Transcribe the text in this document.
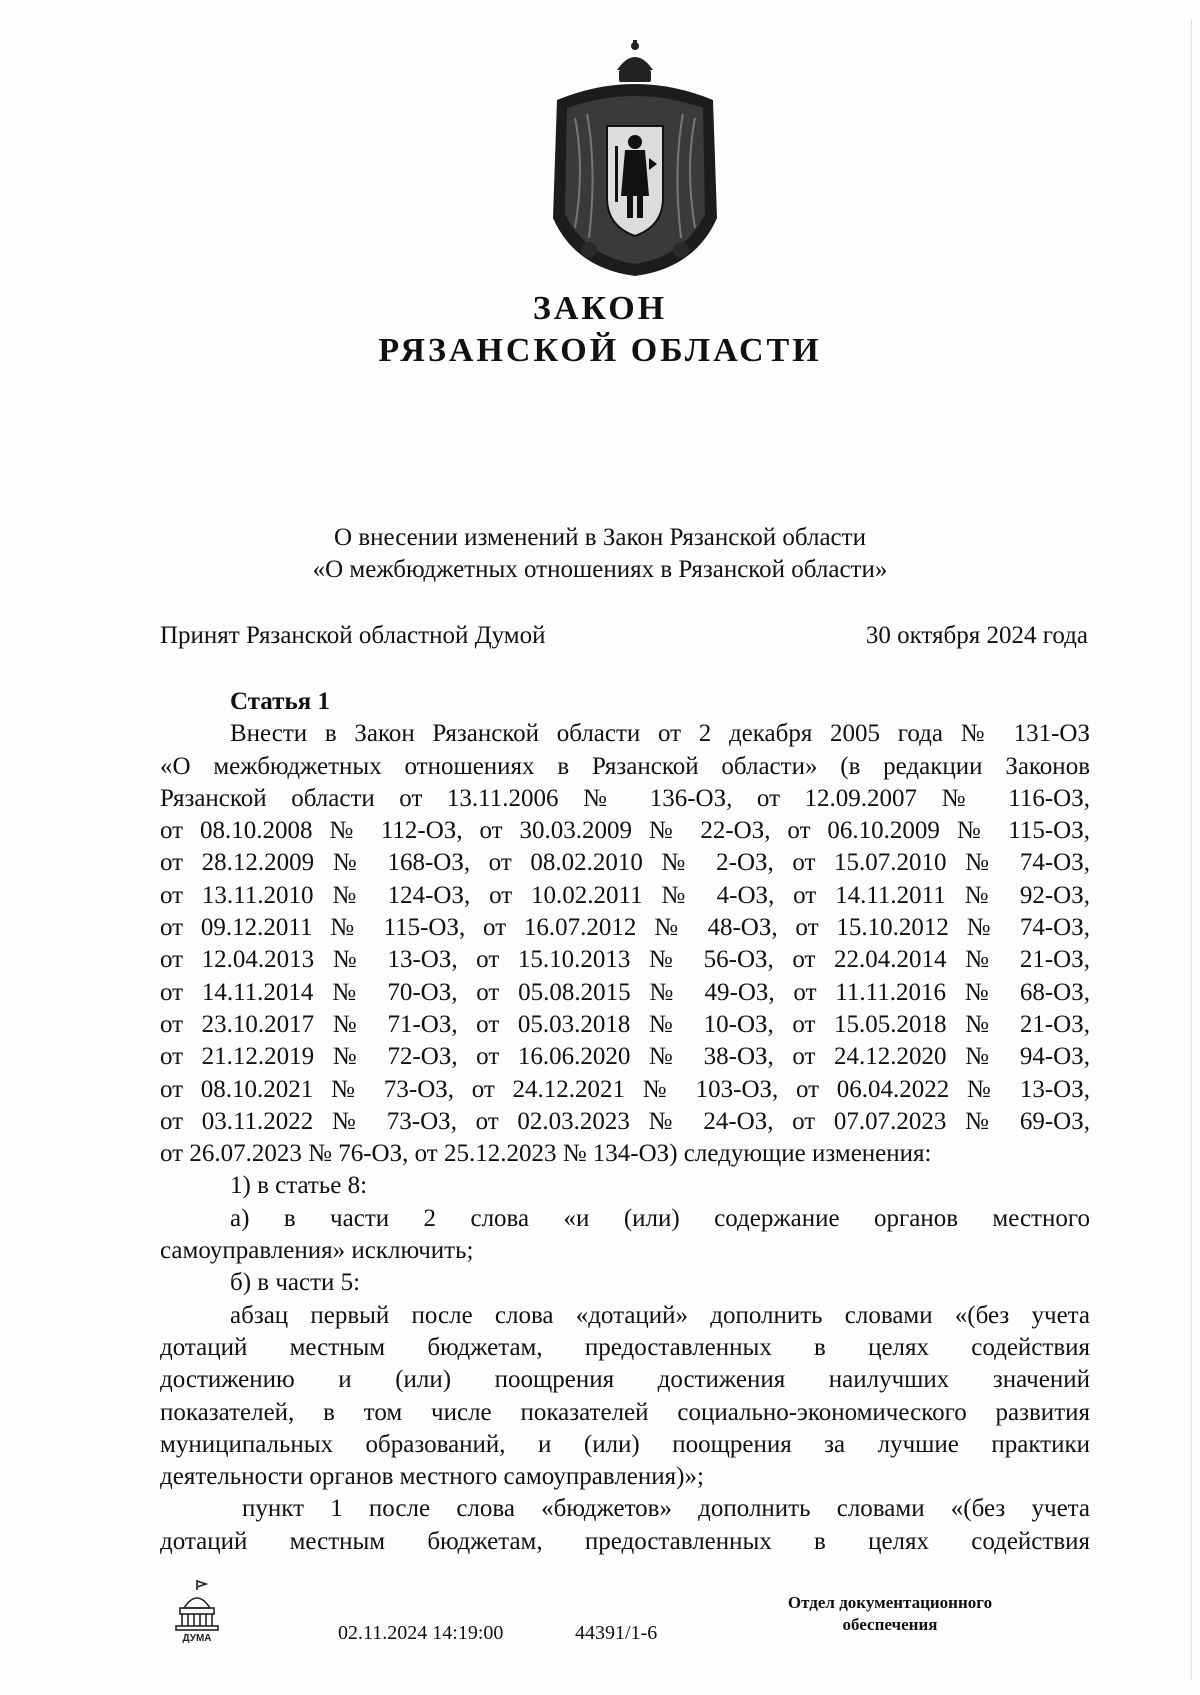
ЗАКОН
РЯЗАНСКОЙ ОБЛАСТИ
О внесении изменений в Закон Рязанской области
«О межбюджетных отношениях в Рязанской области»
Принят Рязанской областной Думой	30 октября 2024 года

Статья 1

Внести в Закон Рязанской области от 2 декабря 2005 года № 131-ОЗ

«О межбюджетных отношениях в Рязанской области» (в редакции Законов

Рязанской области от 13.11.2006 № 136-ОЗ, от 12.09.2007 № 116-ОЗ,

от 08.10.2008 № 112-ОЗ, от 30.03.2009 № 22-ОЗ, от 06.10.2009 № 115-ОЗ,

от 28.12.2009 № 168-ОЗ, от 08.02.2010 № 2-ОЗ, от 15.07.2010 № 74-ОЗ,

от 13.11.2010 № 124-ОЗ, от 10.02.2011 № 4-ОЗ, от 14.11.2011 № 92-ОЗ,

от 09.12.2011 № 115-ОЗ, от 16.07.2012 № 48-ОЗ, от 15.10.2012 № 74-ОЗ,

от 12.04.2013 № 13-ОЗ, от 15.10.2013 № 56-ОЗ, от 22.04.2014 № 21-ОЗ,

от 14.11.2014 № 70-ОЗ, от 05.08.2015 № 49-ОЗ, от 11.11.2016 № 68-ОЗ,

от 23.10.2017 № 71-ОЗ, от 05.03.2018 № 10-ОЗ, от 15.05.2018 № 21-ОЗ,

от 21.12.2019 № 72-ОЗ, от 16.06.2020 № 38-ОЗ, от 24.12.2020 № 94-ОЗ,

от 08.10.2021 № 73-ОЗ, от 24.12.2021 № 103-ОЗ, от 06.04.2022 № 13-ОЗ,

от 03.11.2022 № 73-ОЗ, от 02.03.2023 № 24-ОЗ, от 07.07.2023 № 69-ОЗ,

от 26.07.2023 № 76-ОЗ, от 25.12.2023 № 134-ОЗ) следующие изменения:

1) в статье 8:

а) в части 2 слова «и (или) содержание органов местного

самоуправления» исключить;

б) в части 5:

абзац первый после слова «дотаций» дополнить словами «(без учета

дотаций местным бюджетам, предоставленных в целях содействия

достижению и (или) поощрения достижения наилучших значений

показателей, в том числе показателей социально-экономического развития

муниципальных образований, и (или) поощрения за лучшие практики

деятельности органов местного самоуправления)»;

пункт 1 после слова «бюджетов» дополнить словами «(без учета

дотаций местным бюджетам, предоставленных в целях содействия

ДУМА	02.11.2024 14:19:00	44391/1-6
Отдел документационного
обеспечения
